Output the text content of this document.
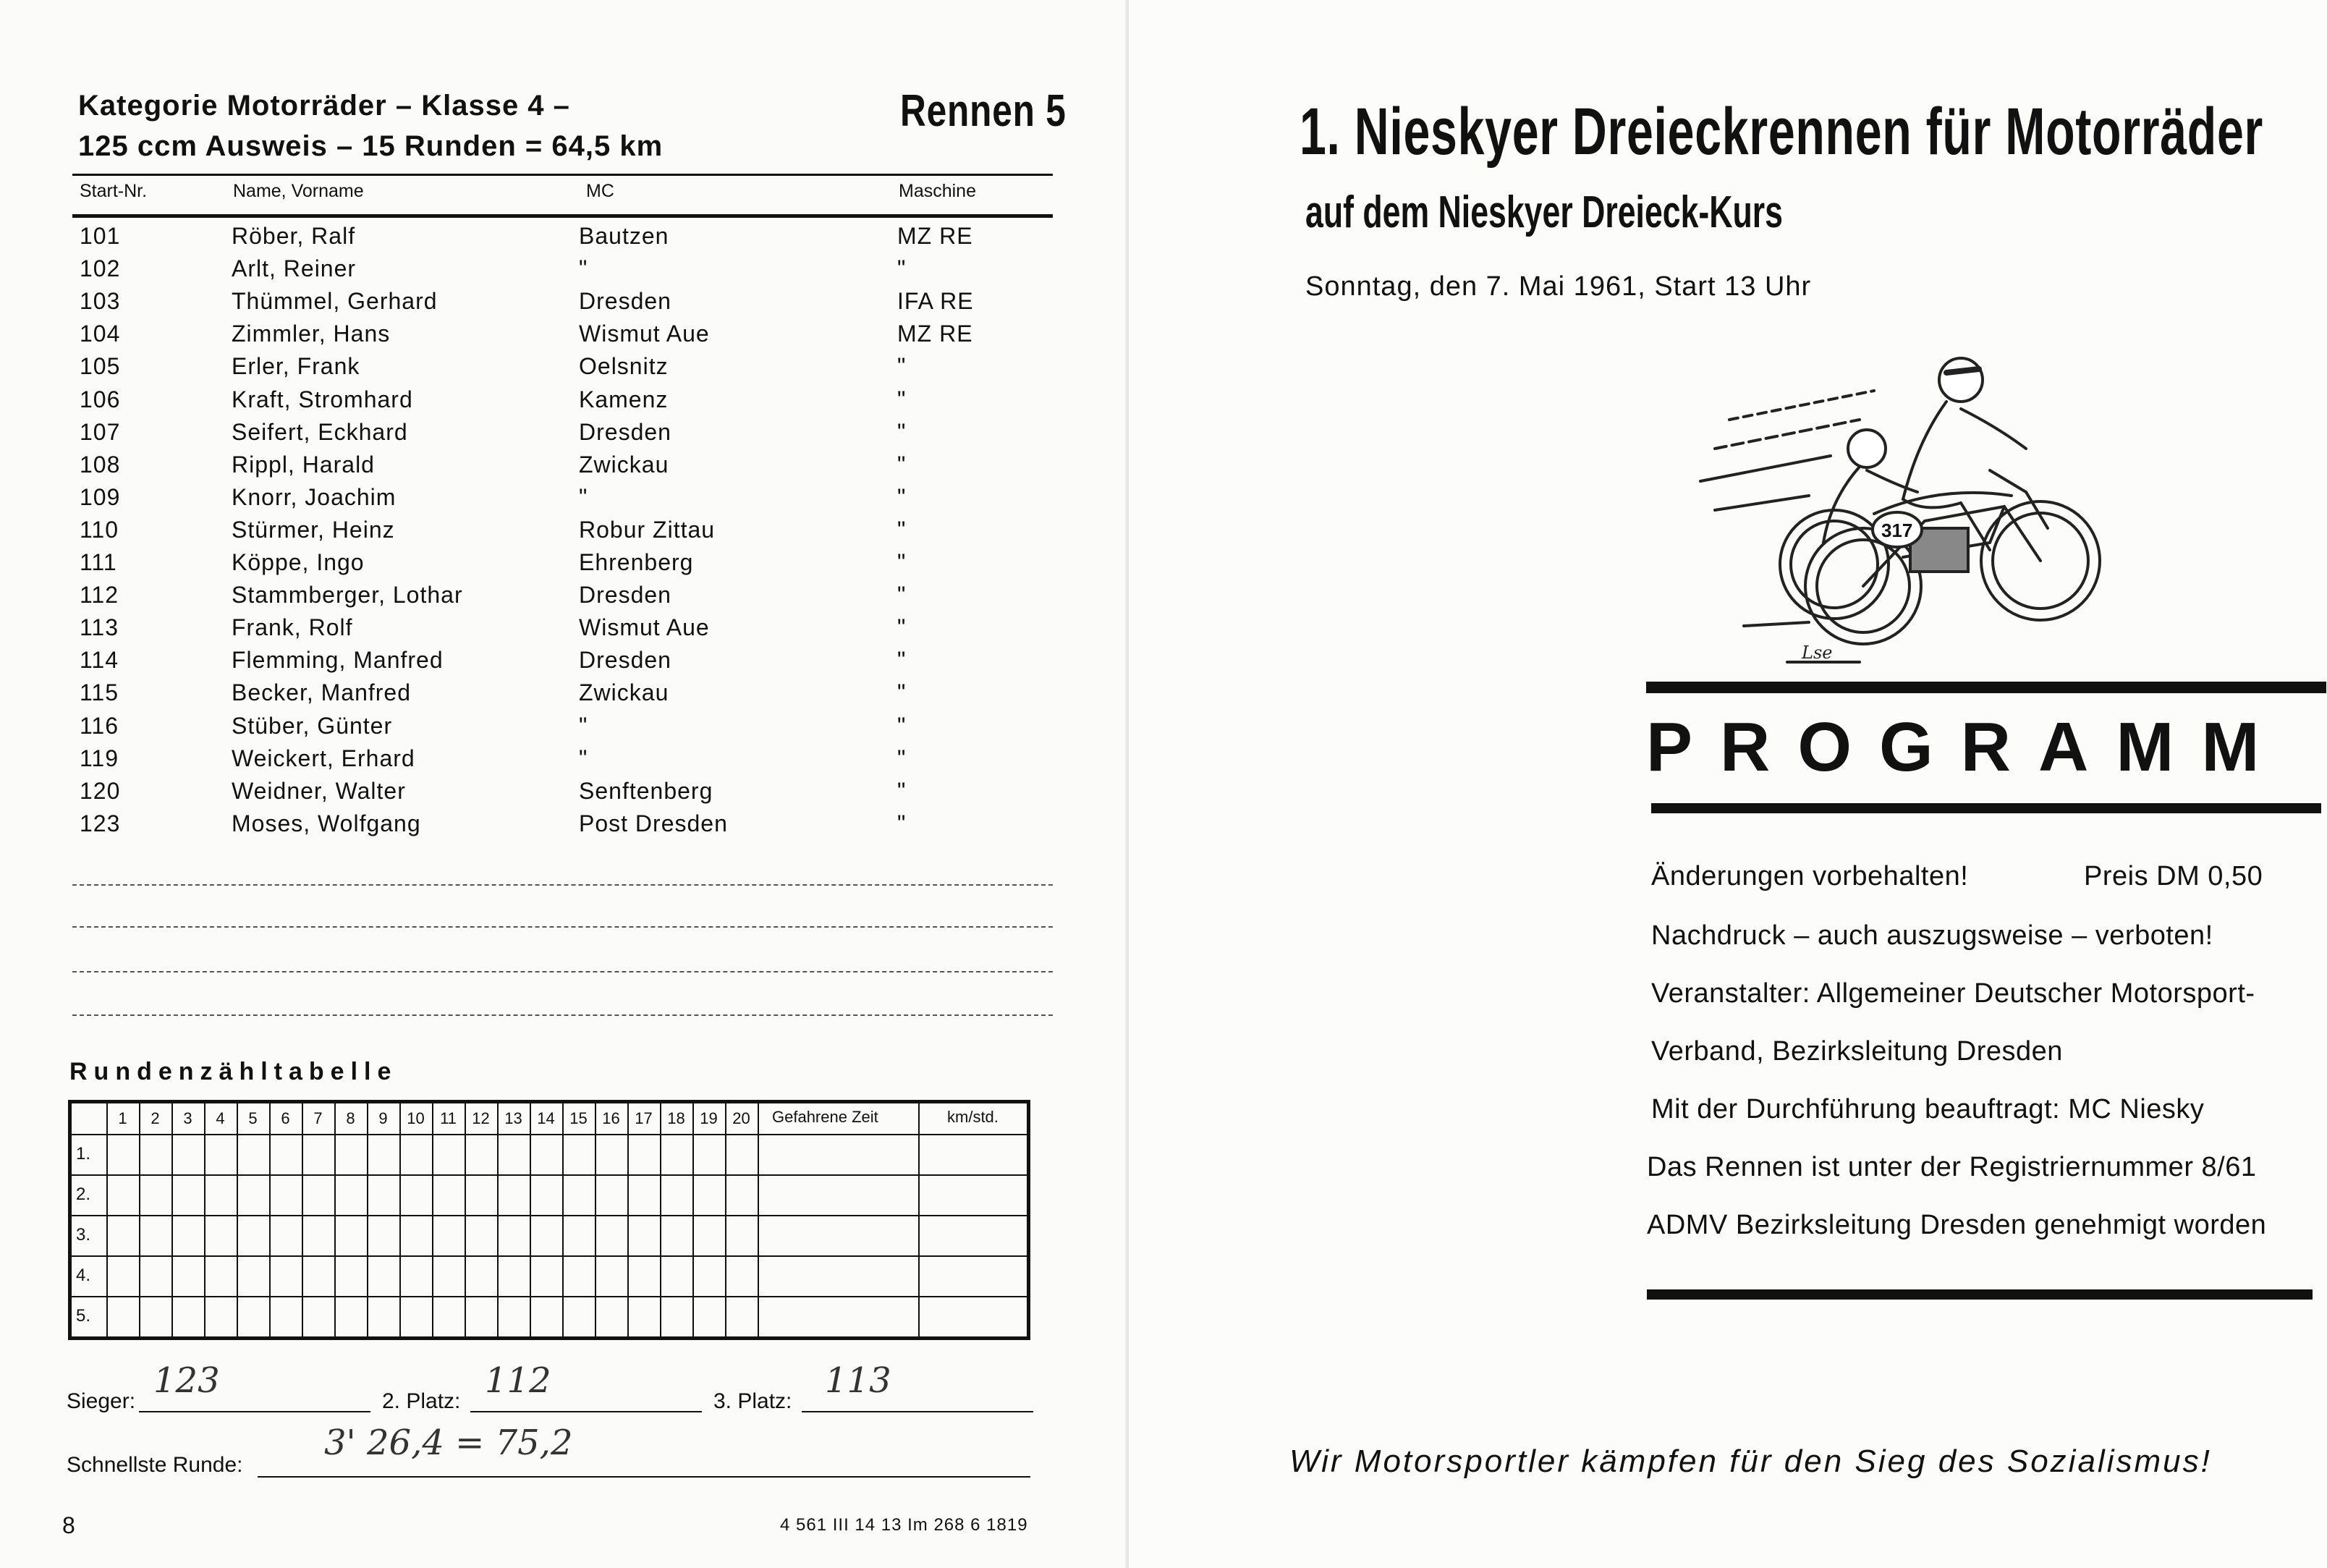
Kategorie Motorräder – Klasse 4 –
125 ccm Ausweis – 15 Runden = 64,5 km
Rennen 5
Start-Nr.	Name, Vorname	MC	Maschine
101	Röber, Ralf	Bautzen	MZ RE
102	Arlt, Reiner	"	"
103	Thümmel, Gerhard	Dresden	IFA RE
104	Zimmler, Hans	Wismut Aue	MZ RE
105	Erler, Frank	Oelsnitz	"
106	Kraft, Stromhard	Kamenz	"
107	Seifert, Eckhard	Dresden	"
108	Rippl, Harald	Zwickau	"
109	Knorr, Joachim	"	"
110	Stürmer, Heinz	Robur Zittau	"
111	Köppe, Ingo	Ehrenberg	"
112	Stammberger, Lothar	Dresden	"
113	Frank, Rolf	Wismut Aue	"
114	Flemming, Manfred	Dresden	"
115	Becker, Manfred	Zwickau	"
116	Stüber, Günter	"	"
119	Weickert, Erhard	"	"
120	Weidner, Walter	Senftenberg	"
123	Moses, Wolfgang	Post Dresden	"
Rundenzähltabelle
1	2	3	4	5	6	7	8	9	10 11 12 13 14 15 16 17 18 19 20	Gefahrene Zeit	km/std.
1.
2.
3.
4.
5.
Sieger:
123
2. Platz:
112
3. Platz:
113
Schnellste Runde:
3' 26,4 = 75,2
8	4 561 III 14 13 Im 268 6 1819
1. Nieskyer Dreieckrennen für Motorräder
auf dem Nieskyer Dreieck-Kurs
Sonntag, den 7. Mai 1961, Start 13 Uhr
317
Lse
PROGRAMM
Änderungen vorbehalten!	Preis DM 0,50
Nachdruck – auch auszugsweise – verboten!
Veranstalter: Allgemeiner Deutscher Motorsport-
Verband, Bezirksleitung Dresden
Mit der Durchführung beauftragt: MC Niesky
Das Rennen ist unter der Registriernummer 8/61
ADMV Bezirksleitung Dresden genehmigt worden
Wir Motorsportler kämpfen für den Sieg des Sozialismus!
